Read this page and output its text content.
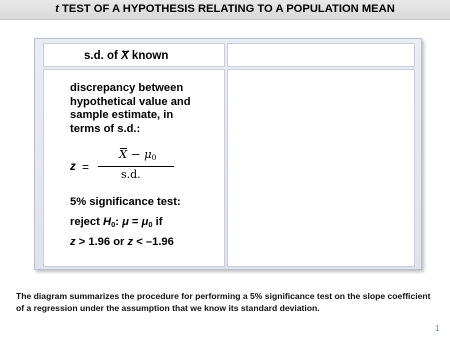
t TEST OF A HYPOTHESIS RELATING TO A POPULATION MEAN
s.d. of X known
discrepancy between
hypothetical value and
sample estimate, in
terms of s.d.:
z =
$X - \mu_0$
s.d.
5% significance test:
reject $H_0$: $\mu = \mu_0$ if
z > 1.96 or z < –1.96
The diagram summarizes the procedure for performing a 5% significance test on the slope coefficient of a regression under the assumption that we know its standard deviation.
1
